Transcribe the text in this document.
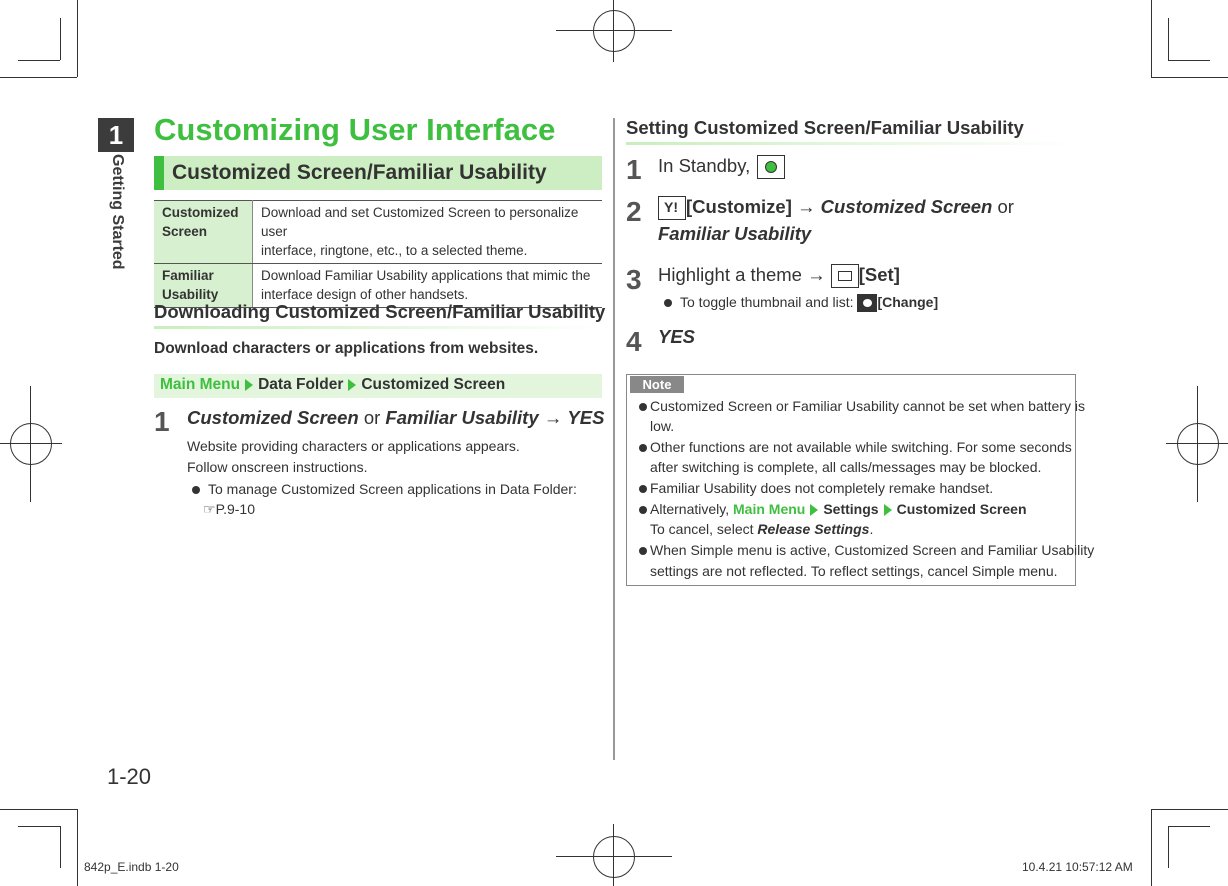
1
Getting Started
1-20
Customizing User Interface
Customized Screen/Familiar Usability
Customized
Screen	Download and set Customized Screen to personalize user
interface, ringtone, etc., to a selected theme.
Familiar
Usability	Download Familiar Usability applications that mimic the
interface design of other handsets.
Downloading Customized Screen/Familiar Usability
Download characters or applications from websites.
Main Menu Data Folder Customized Screen
1 Customized Screen or Familiar Usability → YES
Website providing characters or applications appears.
Follow onscreen instructions.
To manage Customized Screen applications in Data Folder:
☞P.9-10
Setting Customized Screen/Familiar Usability
1 In Standby,
2 Y! [Customize] → Customized Screen or
Familiar Usability
3 Highlight a theme → [Set]
To toggle thumbnail and list: [Change]
4 YES
Note
Customized Screen or Familiar Usability cannot be set when battery is
low.
Other functions are not available while switching. For some seconds
after switching is complete, all calls/messages may be blocked.
Familiar Usability does not completely remake handset.
Alternatively, Main Menu Settings Customized Screen
To cancel, select Release Settings.
When Simple menu is active, Customized Screen and Familiar Usability
settings are not reflected. To reflect settings, cancel Simple menu.
842p_E.indb 1-20	10.4.21 10:57:12 AM
